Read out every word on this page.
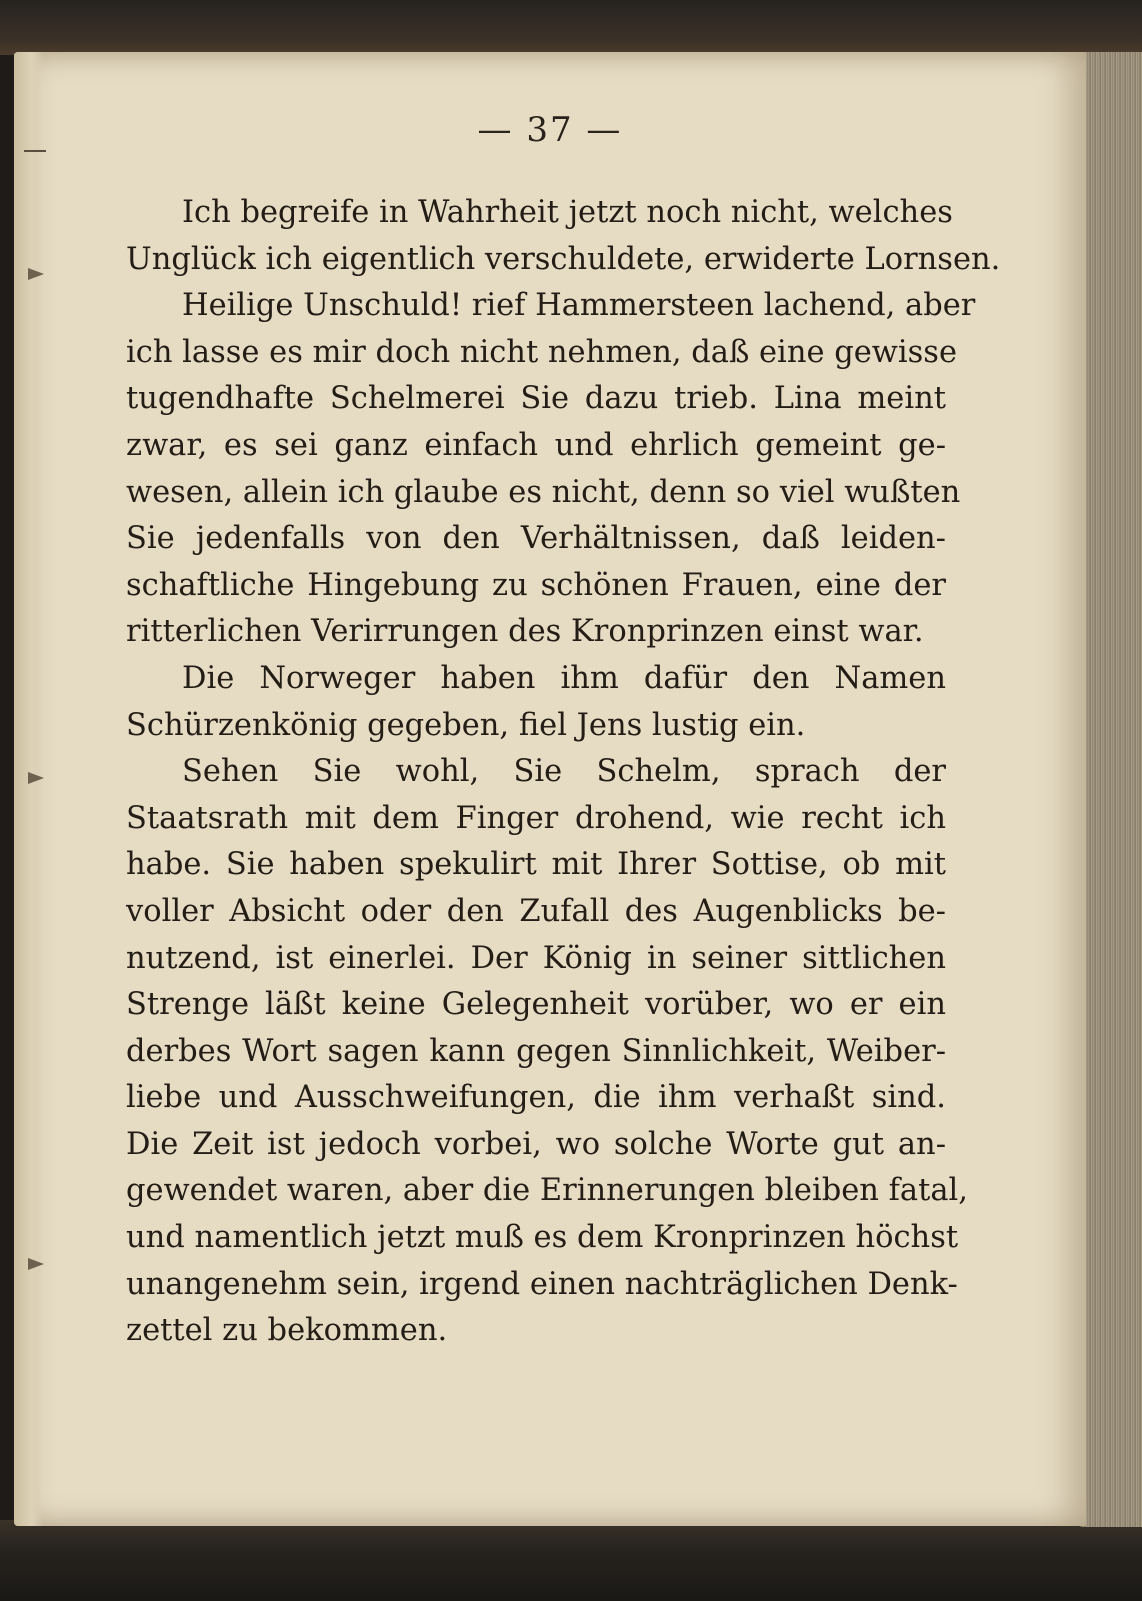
— 37 —
Ich begreife in Wahrheit jetzt noch nicht, welches
Unglück ich eigentlich verschuldete, erwiderte Lornsen.
Heilige Unschuld! rief Hammersteen lachend, aber
ich lasse es mir doch nicht nehmen, daß eine gewisse
tugendhafte Schelmerei Sie dazu trieb. Lina meint
zwar, es sei ganz einfach und ehrlich gemeint ge-
wesen, allein ich glaube es nicht, denn so viel wußten
Sie jedenfalls von den Verhältnissen, daß leiden-
schaftliche Hingebung zu schönen Frauen, eine der
ritterlichen Verirrungen des Kronprinzen einst war.
Die Norweger haben ihm dafür den Namen
Schürzenkönig gegeben, fiel Jens lustig ein.
Sehen Sie wohl, Sie Schelm, sprach der
Staatsrath mit dem Finger drohend, wie recht ich
habe. Sie haben spekulirt mit Ihrer Sottise, ob mit
voller Absicht oder den Zufall des Augenblicks be-
nutzend, ist einerlei. Der König in seiner sittlichen
Strenge läßt keine Gelegenheit vorüber, wo er ein
derbes Wort sagen kann gegen Sinnlichkeit, Weiber-
liebe und Ausschweifungen, die ihm verhaßt sind.
Die Zeit ist jedoch vorbei, wo solche Worte gut an-
gewendet waren, aber die Erinnerungen bleiben fatal,
und namentlich jetzt muß es dem Kronprinzen höchst
unangenehm sein, irgend einen nachträglichen Denk-
zettel zu bekommen.
